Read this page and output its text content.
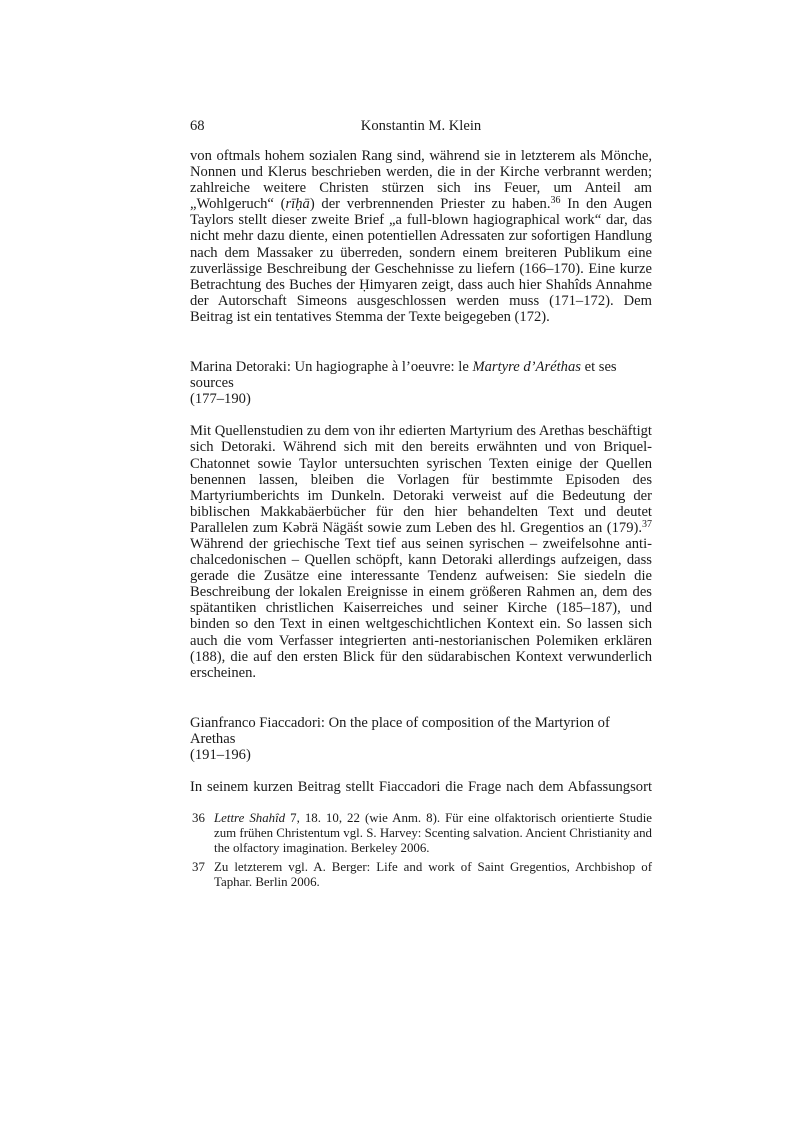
68	Konstantin M. Klein

von oftmals hohem sozialen Rang sind, während sie in letzterem als Mönche, Nonnen und Klerus beschrieben werden, die in der Kirche verbrannt werden; zahlreiche weitere Christen stürzen sich ins Feuer, um Anteil am „Wohlgeruch“ (rīḥā) der verbrennenden Priester zu haben.$^{36}$ In den Augen Taylors stellt dieser zweite Brief „a full-blown hagiographical work“ dar, das nicht mehr dazu diente, einen potentiellen Adressaten zur sofortigen Handlung nach dem Massaker zu überreden, sondern einem breiteren Publikum eine zuverlässige Beschreibung der Geschehnisse zu liefern (166–170). Eine kurze Betrachtung des Buches der Ḥimyaren zeigt, dass auch hier Shahîds Annahme der Autorschaft Simeons ausgeschlossen werden muss (171–172). Dem Beitrag ist ein tentatives Stemma der Texte beigegeben (172).

Marina Detoraki: Un hagiographe à l’oeuvre: le Martyre d’Aréthas et ses sources
(177–190)

Mit Quellenstudien zu dem von ihr edierten Martyrium des Arethas beschäftigt sich Detoraki. Während sich mit den bereits erwähnten und von Briquel-Chatonnet sowie Taylor untersuchten syrischen Texten einige der Quellen benennen lassen, bleiben die Vorlagen für bestimmte Episoden des Martyriumberichts im Dunkeln. Detoraki verweist auf die Bedeutung der biblischen Makkabäerbücher für den hier behandelten Text und deutet Parallelen zum Kəbrä Nägäśt sowie zum Leben des hl. Gregentios an (179).$^{37}$ Während der griechische Text tief aus seinen syrischen – zweifelsohne anti-chalcedonischen – Quellen schöpft, kann Detoraki allerdings aufzeigen, dass gerade die Zusätze eine interessante Tendenz aufweisen: Sie siedeln die Beschreibung der lokalen Ereignisse in einem größeren Rahmen an, dem des spätantiken christlichen Kaiserreiches und seiner Kirche (185–187), und binden so den Text in einen weltgeschichtlichen Kontext ein. So lassen sich auch die vom Verfasser integrierten anti-nestorianischen Polemiken erklären (188), die auf den ersten Blick für den südarabischen Kontext verwunderlich erscheinen.

Gianfranco Fiaccadori: On the place of composition of the Martyrion of Arethas
(191–196)

In seinem kurzen Beitrag stellt Fiaccadori die Frage nach dem Abfassungsort

36 Lettre Shahîd 7, 18. 10, 22 (wie Anm. 8). Für eine olfaktorisch orientierte Studie zum frühen Christentum vgl. S. Harvey: Scenting salvation. Ancient Christianity and the olfactory imagination. Berkeley 2006.
37 Zu letzterem vgl. A. Berger: Life and work of Saint Gregentios, Archbishop of Taphar. Berlin 2006.
